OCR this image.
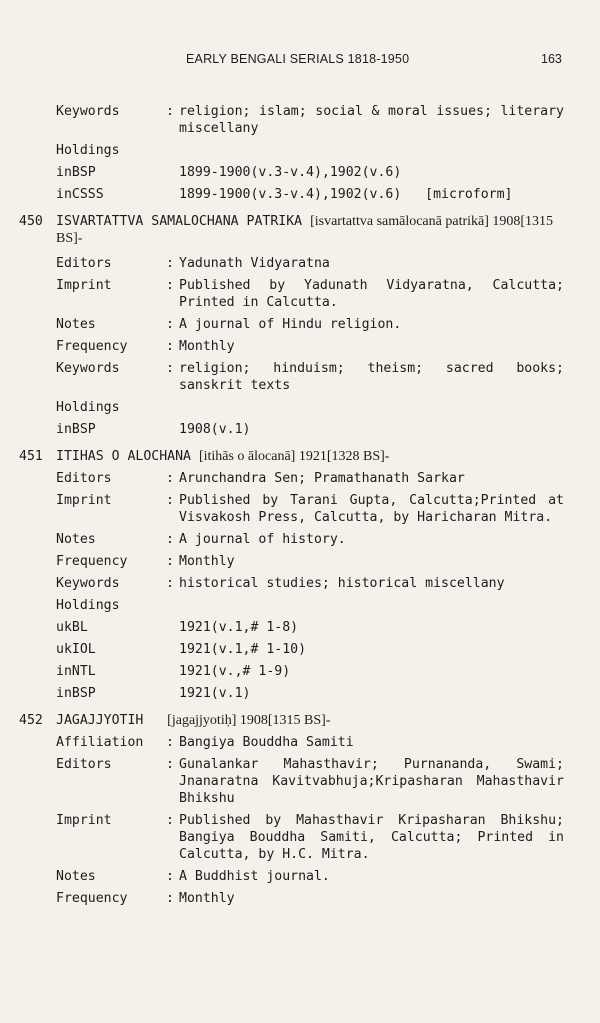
EARLY BENGALI SERIALS 1818-1950	163
Keywords	: religion; islam; social & moral issues; literary miscellany
Holdings

inBSP	1899-1900(v.3-v.4),1902(v.6)
inCSSS	1899-1900(v.3-v.4),1902(v.6)   [microform]
450 ISVARTATTVA SAMALOCHANA PATRIKA [isvartattva samālocanā patrikā] 1908[1315 BS]-
Editors	: Yadunath Vidyaratna
Imprint	: Published by Yadunath Vidyaratna, Calcutta; Printed in Calcutta.
Notes	: A journal of Hindu religion.
Frequency	: Monthly
Keywords	: religion; hinduism; theism; sacred books; sanskrit texts
Holdings

inBSP	1908(v.1)
451 ITIHAS O ALOCHANA [itihās o ālocanā] 1921[1328 BS]-
Editors	: Arunchandra Sen; Pramathanath Sarkar
Imprint	: Published by Tarani Gupta, Calcutta;Printed at Visvakosh Press, Calcutta, by Haricharan Mitra.
Notes	: A journal of history.
Frequency	: Monthly
Keywords	: historical studies; historical miscellany
Holdings

ukBL	1921(v.1,# 1-8)
ukIOL	1921(v.1,# 1-10)
inNTL	1921(v.,# 1-9)
inBSP	1921(v.1)
452 JAGAJJYOTIH [jagajjyotiḥ] 1908[1315 BS]-
Affiliation : Bangiya Bouddha Samiti
Editors	: Gunalankar Mahasthavir; Purnananda, Swami; Jnanaratna Kavitvabhuja;Kripasharan Mahasthavir Bhikshu
Imprint	: Published by Mahasthavir Kripasharan Bhikshu; Bangiya Bouddha Samiti, Calcutta; Printed in Calcutta, by H.C. Mitra.
Notes	: A Buddhist journal.
Frequency	: Monthly
